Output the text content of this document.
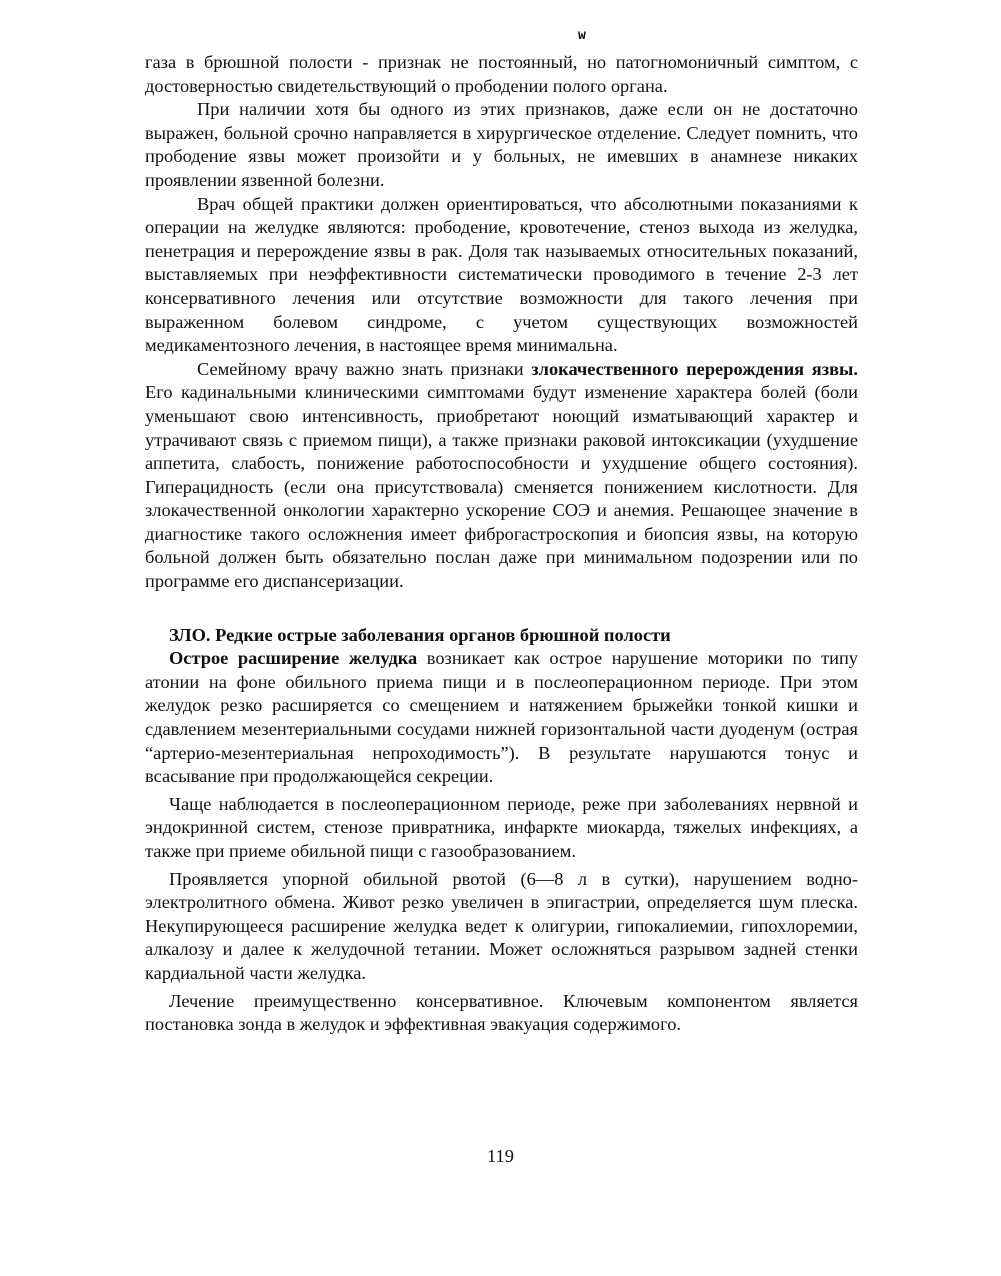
w

газа в брюшной полости - признак не постоянный, но патогномоничный симптом, с достоверностью свидетельствующий о прободении полого органа.

При наличии хотя бы одного из этих признаков, даже если он не достаточно выражен, больной срочно направляется в хирургическое отделение. Следует помнить, что прободение язвы может произойти и у больных, не имевших в анамнезе никаких проявлении язвенной болезни.

Врач общей практики должен ориентироваться, что абсолютными показаниями к операции на желудке являются: прободение, кровотечение, стеноз выхода из желудка, пенетрация и перерождение язвы в рак. Доля так называемых относительных показаний, выставляемых при неэффективности систематически проводимого в течение 2-3 лет консервативного лечения или отсутствие возможности для такого лечения при выраженном болевом синдроме, с учетом существующих возможностей медикаментозного лечения, в настоящее время минимальна.

Семейному врачу важно знать признаки злокачественного перерождения язвы. Его кадинальными клиническими симптомами будут изменение характера болей (боли уменьшают свою интенсивность, приобретают ноющий изматывающий характер и утрачивают связь с приемом пищи), а также признаки раковой интоксикации (ухудшение аппетита, слабость, понижение работоспособности и ухудшение общего состояния). Гиперацидность (если она присутствовала) сменяется понижением кислотности. Для злокачественной онкологии характерно ускорение СОЭ и анемия. Решающее значение в диагностике такого осложнения имеет фиброгастроскопия и биопсия язвы, на которую больной должен быть обязательно послан даже при минимальном подозрении или по программе его диспансеризации.

ЗЛО. Редкие острые заболевания органов брюшной полости

Острое расширение желудка возникает как острое нарушение моторики по типу атонии на фоне обильного приема пищи и в послеоперационном периоде. При этом желудок резко расширяется со смещением и натяжением брыжейки тонкой кишки и сдавлением мезентериальными сосудами нижней горизонтальной части дуоденум (острая “артерио-мезентериальная непроходимость”). В результате нарушаются тонус и всасывание при продолжающейся секреции.

Чаще наблюдается в послеоперационном периоде, реже при заболеваниях нервной и эндокринной систем, стенозе привратника, инфаркте миокарда, тяжелых инфекциях, а также при приеме обильной пищи с газообразованием.

Проявляется упорной обильной рвотой (6—8 л в сутки), нарушением водно-электролитного обмена. Живот резко увеличен в эпигастрии, определяется шум плеска. Некупирующееся расширение желудка ведет к олигурии, гипокалиемии, гипохлоремии, алкалозу и далее к желудочной тетании. Может осложняться разрывом задней стенки кардиальной части желудка.

Лечение преимущественно консервативное. Ключевым компонентом является постановка зонда в желудок и эффективная эвакуация содержимого.

119
